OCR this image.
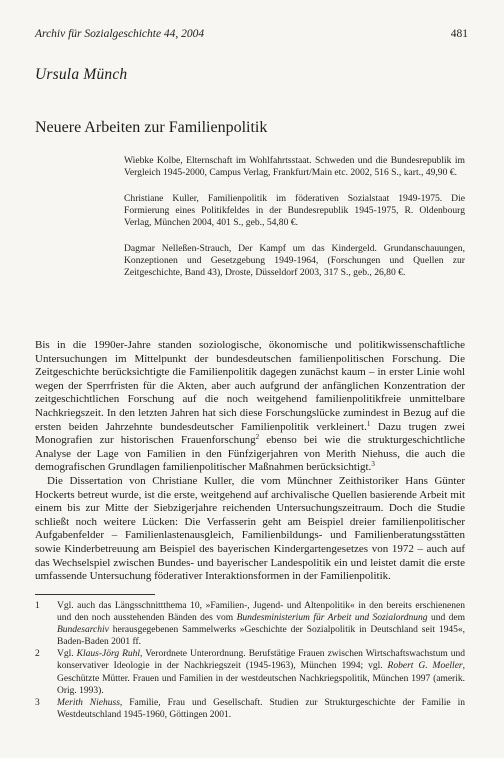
Archiv für Sozialgeschichte 44, 2004	481
Ursula Münch
Neuere Arbeiten zur Familienpolitik

Wiebke Kolbe, Elternschaft im Wohlfahrtsstaat. Schweden und die Bundesrepublik im Vergleich 1945-2000, Campus Verlag, Frankfurt/Main etc. 2002, 516 S., kart., 49,90 €.

Christiane Kuller, Familienpolitik im föderativen Sozialstaat 1949-1975. Die Formierung eines Politikfeldes in der Bundesrepublik 1945-1975, R. Oldenbourg Verlag, München 2004, 401 S., geb., 54,80 €.

Dagmar Nelleßen-Strauch, Der Kampf um das Kindergeld. Grundanschauungen, Konzeptionen und Gesetzgebung 1949-1964, (Forschungen und Quellen zur Zeitgeschichte, Band 43), Droste, Düsseldorf 2003, 317 S., geb., 26,80 €.

Bis in die 1990er-Jahre standen soziologische, ökonomische und politikwissenschaftliche Untersuchungen im Mittelpunkt der bundesdeutschen familienpolitischen Forschung. Die Zeitgeschichte berücksichtigte die Familienpolitik dagegen zunächst kaum – in erster Linie wohl wegen der Sperrfristen für die Akten, aber auch aufgrund der anfänglichen Konzentration der zeitgeschichtlichen Forschung auf die noch weitgehend familienpolitikfreie unmittelbare Nachkriegszeit. In den letzten Jahren hat sich diese Forschungslücke zumindest in Bezug auf die ersten beiden Jahrzehnte bundesdeutscher Familienpolitik verkleinert.$^1$ Dazu trugen zwei Monografien zur historischen Frauenforschung$^2$ ebenso bei wie die strukturgeschichtliche Analyse der Lage von Familien in den Fünfzigerjahren von Merith Niehuss, die auch die demografischen Grundlagen familienpolitischer Maßnahmen berücksichtigt.$^3$

Die Dissertation von Christiane Kuller, die vom Münchner Zeithistoriker Hans Günter Hockerts betreut wurde, ist die erste, weitgehend auf archivalische Quellen basierende Arbeit mit einem bis zur Mitte der Siebzigerjahre reichenden Untersuchungszeitraum. Doch die Studie schließt noch weitere Lücken: Die Verfasserin geht am Beispiel dreier familienpolitischer Aufgabenfelder – Familienlastenausgleich, Familienbildungs- und Familienberatungsstätten sowie Kinderbetreuung am Beispiel des bayerischen Kindergartengesetzes von 1972 – auch auf das Wechselspiel zwischen Bundes- und bayerischer Landespolitik ein und leistet damit die erste umfassende Untersuchung föderativer Interaktionsformen in der Familienpolitik.

1 Vgl. auch das Längsschnittthema 10, »Familien-, Jugend- und Altenpolitik« in den bereits erschienenen und den noch ausstehenden Bänden des vom Bundesministerium für Arbeit und Sozialordnung und dem Bundesarchiv herausgegebenen Sammelwerks »Geschichte der Sozialpolitik in Deutschland seit 1945«, Baden-Baden 2001 ff.
2 Vgl. Klaus-Jörg Ruhl, Verordnete Unterordnung. Berufstätige Frauen zwischen Wirtschaftswachstum und konservativer Ideologie in der Nachkriegszeit (1945-1963), München 1994; vgl. Robert G. Moeller, Geschützte Mütter. Frauen und Familien in der westdeutschen Nachkriegspolitik, München 1997 (amerik. Orig. 1993).
3 Merith Niehuss, Familie, Frau und Gesellschaft. Studien zur Strukturgeschichte der Familie in Westdeutschland 1945-1960, Göttingen 2001.
